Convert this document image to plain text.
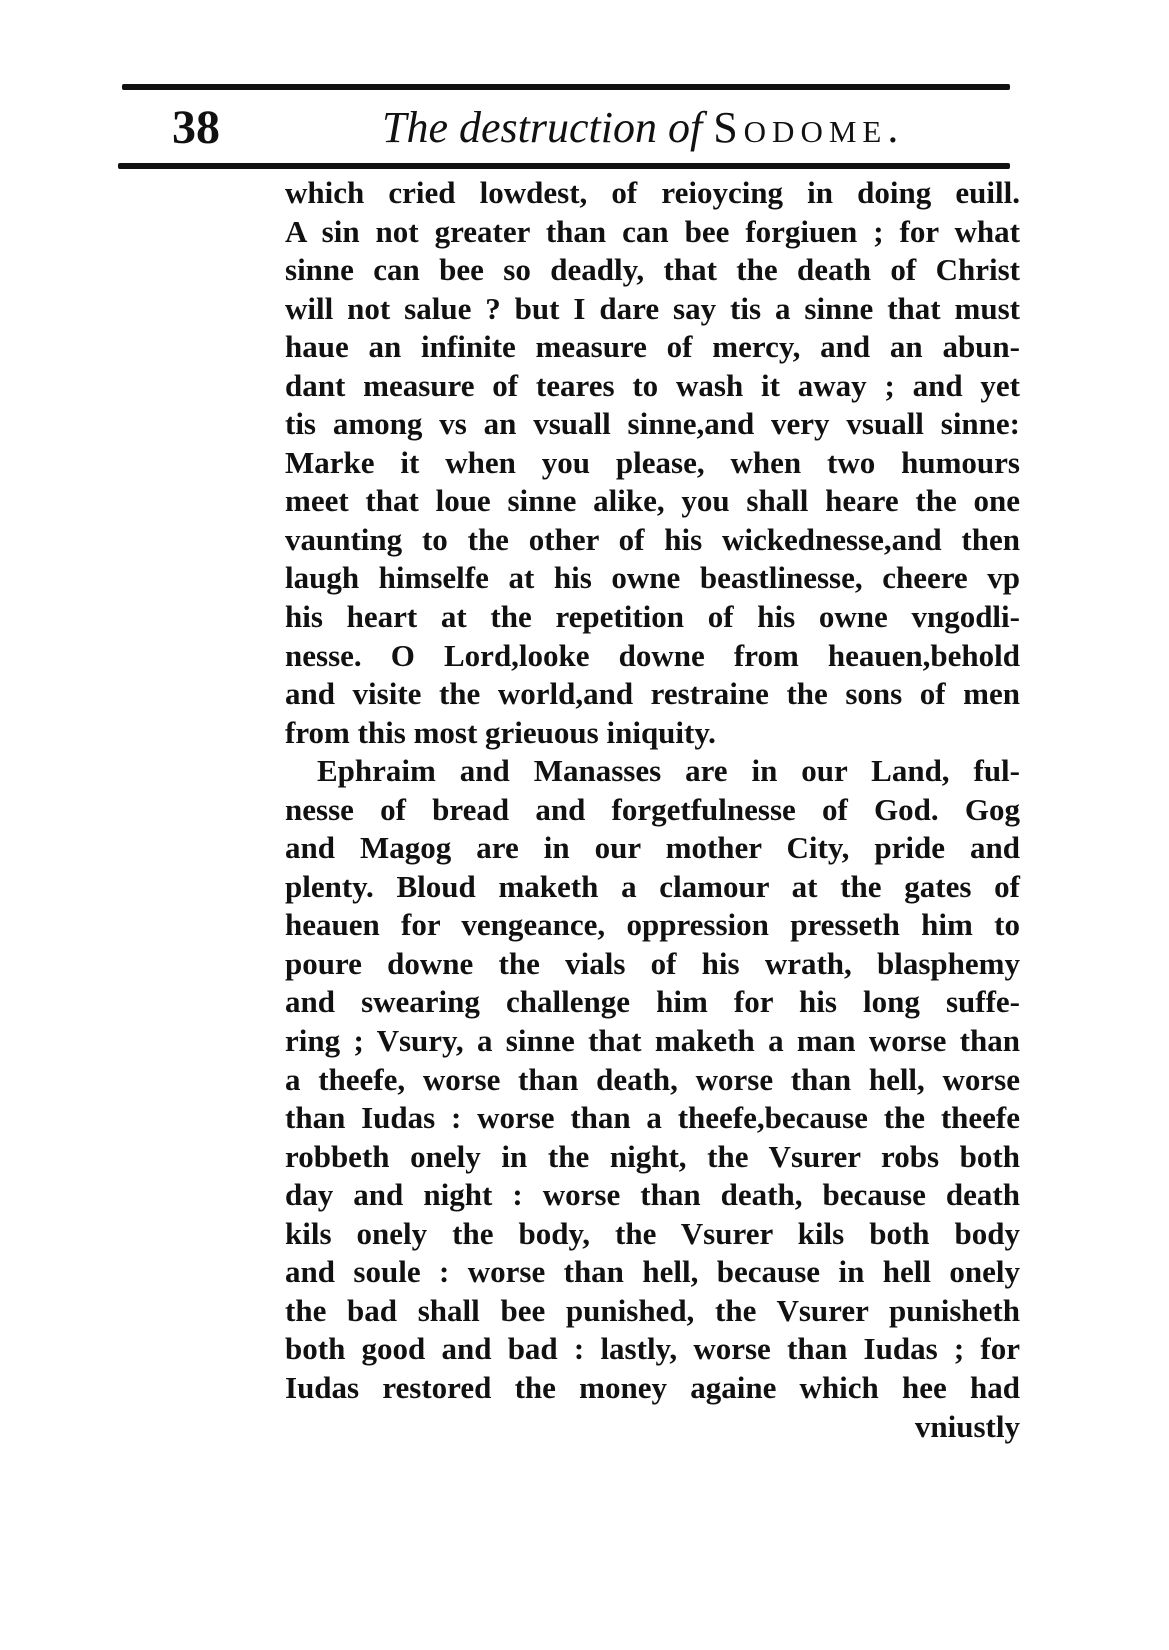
38	The destruction of Sodome.
which cried lowdest, of reioycing in doing euill.
A sin not greater than can bee forgiuen ; for what
sinne can bee so deadly, that the death of Christ
will not salue ? but I dare say tis a sinne that must
haue an infinite measure of mercy, and an abun-
dant measure of teares to wash it away ; and yet
tis among vs an vsuall sinne,and very vsuall sinne:
Marke it when you please, when two humours
meet that loue sinne alike, you shall heare the one
vaunting to the other of his wickednesse,and then
laugh himselfe at his owne beastlinesse, cheere vp
his heart at the repetition of his owne vngodli-
nesse. O Lord,looke downe from heauen,behold
and visite the world,and restraine the sons of men
from this most grieuous iniquity.
Ephraim and Manasses are in our Land, ful-
nesse of bread and forgetfulnesse of God. Gog
and Magog are in our mother City, pride and
plenty. Bloud maketh a clamour at the gates of
heauen for vengeance, oppression presseth him to
poure downe the vials of his wrath, blasphemy
and swearing challenge him for his long suffe-
ring ; Vsury, a sinne that maketh a man worse than
a theefe, worse than death, worse than hell, worse
than Iudas : worse than a theefe,because the theefe
robbeth onely in the night, the Vsurer robs both
day and night : worse than death, because death
kils onely the body, the Vsurer kils both body
and soule : worse than hell, because in hell onely
the bad shall bee punished, the Vsurer punisheth
both good and bad : lastly, worse than Iudas ; for
Iudas restored the money againe which hee had
vniustly
